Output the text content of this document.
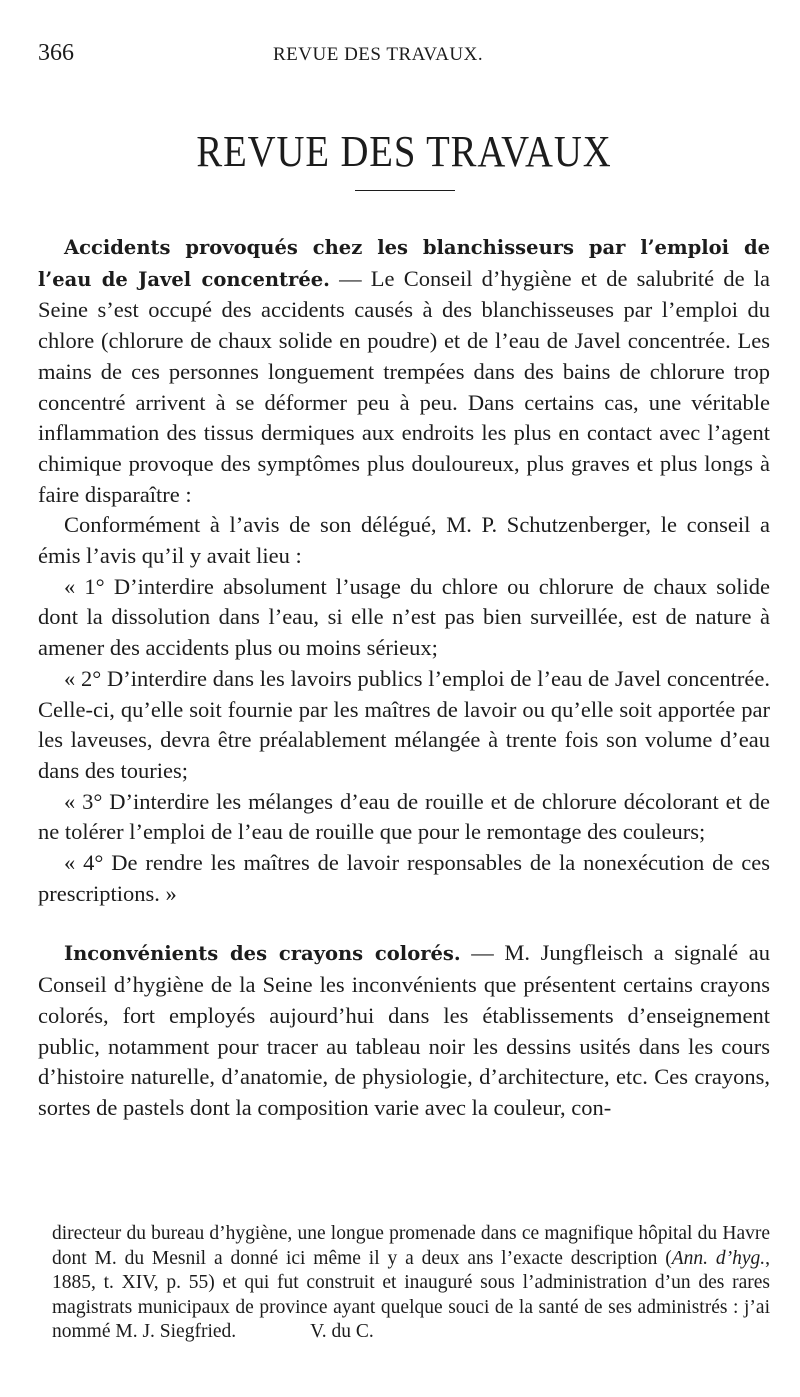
366	REVUE DES TRAVAUX.
REVUE DES TRAVAUX

Accidents provoqués chez les blanchisseurs par l’emploi de l’eau de Javel concentrée. — Le Conseil d’hygiène et de salubrité de la Seine s’est occupé des accidents causés à des blanchisseuses par l’emploi du chlore (chlorure de chaux solide en poudre) et de l’eau de Javel concentrée. Les mains de ces personnes longuement trempées dans des bains de chlorure trop concentré arrivent à se déformer peu à peu. Dans certains cas, une véritable inflammation des tissus dermiques aux endroits les plus en contact avec l’agent chimique provoque des symptômes plus douloureux, plus graves et plus longs à faire disparaître :

Conformément à l’avis de son délégué, M. P. Schutzenberger, le conseil a émis l’avis qu’il y avait lieu :

« 1° D’interdire absolument l’usage du chlore ou chlorure de chaux solide dont la dissolution dans l’eau, si elle n’est pas bien surveillée, est de nature à amener des accidents plus ou moins sérieux;

« 2° D’interdire dans les lavoirs publics l’emploi de l’eau de Javel concentrée. Celle-ci, qu’elle soit fournie par les maîtres de lavoir ou qu’elle soit apportée par les laveuses, devra être préalablement mélangée à trente fois son volume d’eau dans des touries;

« 3° D’interdire les mélanges d’eau de rouille et de chlorure décolorant et de ne tolérer l’emploi de l’eau de rouille que pour le remontage des couleurs;

« 4° De rendre les maîtres de lavoir responsables de la nonexécution de ces prescriptions. »

Inconvénients des crayons colorés. — M. Jungfleisch a signalé au Conseil d’hygiène de la Seine les inconvénients que présentent certains crayons colorés, fort employés aujourd’hui dans les établissements d’enseignement public, notamment pour tracer au tableau noir les dessins usités dans les cours d’histoire naturelle, d’anatomie, de physiologie, d’architecture, etc. Ces crayons, sortes de pastels dont la composition varie avec la couleur, con-

directeur du bureau d’hygiène, une longue promenade dans ce magnifique hôpital du Havre dont M. du Mesnil a donné ici même il y a deux ans l’exacte description (Ann. d’hyg., 1885, t. XIV, p. 55) et qui fut construit et inauguré sous l’administration d’un des rares magistrats municipaux de province ayant quelque souci de la santé de ses administrés : j’ai nommé M. J. Siegfried.	V. du C.
